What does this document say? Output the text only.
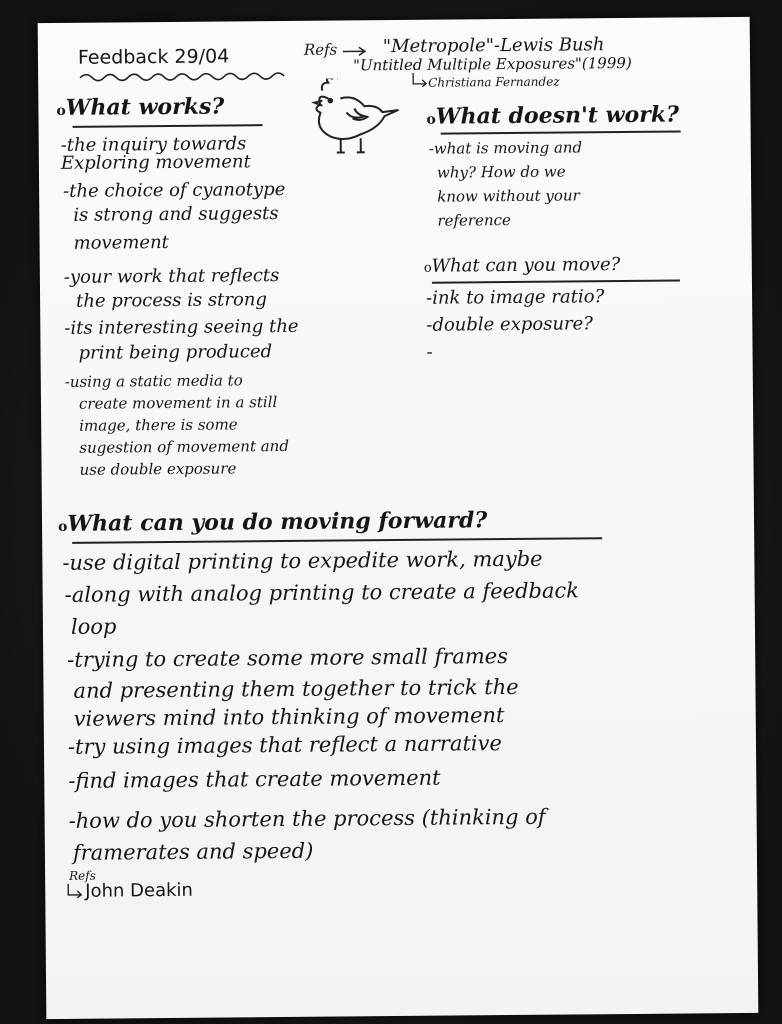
Feedback 29/04	Refs	"Metropole"-Lewis Bush
"Untitled Multiple Exposures"(1999)
Christiana Fernandez
oWhat works?
-the inquiry towards
Exploring movement
-the choice of cyanotype
is strong and suggests
movement
-your work that reflects
the process is strong
-its interesting seeing the
print being produced
-using a static media to
create movement in a still
image, there is some
sugestion of movement and
use double exposure
oWhat doesn't work?
-what is moving and
why? How do we
know without your
reference
oWhat can you move?
-ink to image ratio?
-double exposure?
-
oWhat can you do moving forward?
-use digital printing to expedite work, maybe
-along with analog printing to create a feedback
loop
-trying to create some more small frames
and presenting them together to trick the
viewers mind into thinking of movement
-try using images that reflect a narrative
-find images that create movement
-how do you shorten the process (thinking of
framerates and speed)
Refs
John Deakin
